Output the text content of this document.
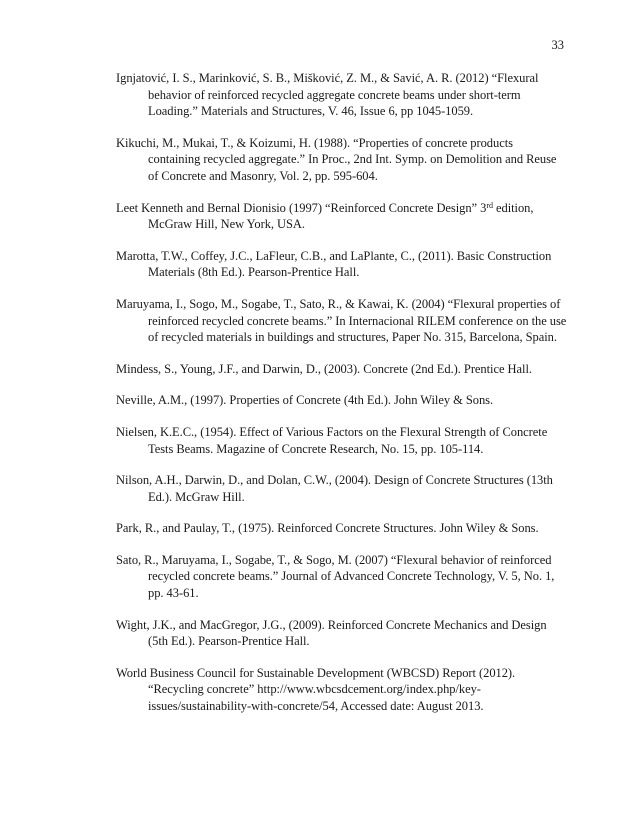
33

Ignjatović, I. S., Marinković, S. B., Mišković, Z. M., & Savić, A. R. (2012) “Flexural behavior of reinforced recycled aggregate concrete beams under short-term Loading.” Materials and Structures, V. 46, Issue 6, pp 1045-1059.

Kikuchi, M., Mukai, T., & Koizumi, H. (1988). “Properties of concrete products containing recycled aggregate.” In Proc., 2nd Int. Symp. on Demolition and Reuse of Concrete and Masonry, Vol. 2, pp. 595-604.

Leet Kenneth and Bernal Dionisio (1997) “Reinforced Concrete Design” 3rd edition, McGraw Hill, New York, USA.

Marotta, T.W., Coffey, J.C., LaFleur, C.B., and LaPlante, C., (2011). Basic Construction Materials (8th Ed.). Pearson-Prentice Hall.

Maruyama, I., Sogo, M., Sogabe, T., Sato, R., & Kawai, K. (2004) “Flexural properties of reinforced recycled concrete beams.” In Internacional RILEM conference on the use of recycled materials in buildings and structures, Paper No. 315, Barcelona, Spain.

Mindess, S., Young, J.F., and Darwin, D., (2003). Concrete (2nd Ed.). Prentice Hall.

Neville, A.M., (1997). Properties of Concrete (4th Ed.). John Wiley & Sons.

Nielsen, K.E.C., (1954). Effect of Various Factors on the Flexural Strength of Concrete Tests Beams. Magazine of Concrete Research, No. 15, pp. 105-114.

Nilson, A.H., Darwin, D., and Dolan, C.W., (2004). Design of Concrete Structures (13th Ed.). McGraw Hill.

Park, R., and Paulay, T., (1975). Reinforced Concrete Structures. John Wiley & Sons.

Sato, R., Maruyama, I., Sogabe, T., & Sogo, M. (2007) “Flexural behavior of reinforced recycled concrete beams.” Journal of Advanced Concrete Technology, V. 5, No. 1, pp. 43-61.

Wight, J.K., and MacGregor, J.G., (2009). Reinforced Concrete Mechanics and Design (5th Ed.). Pearson-Prentice Hall.

World Business Council for Sustainable Development (WBCSD) Report (2012). “Recycling concrete” http://www.wbcsdcement.org/index.php/key-issues/sustainability-with-concrete/54, Accessed date: August 2013.
